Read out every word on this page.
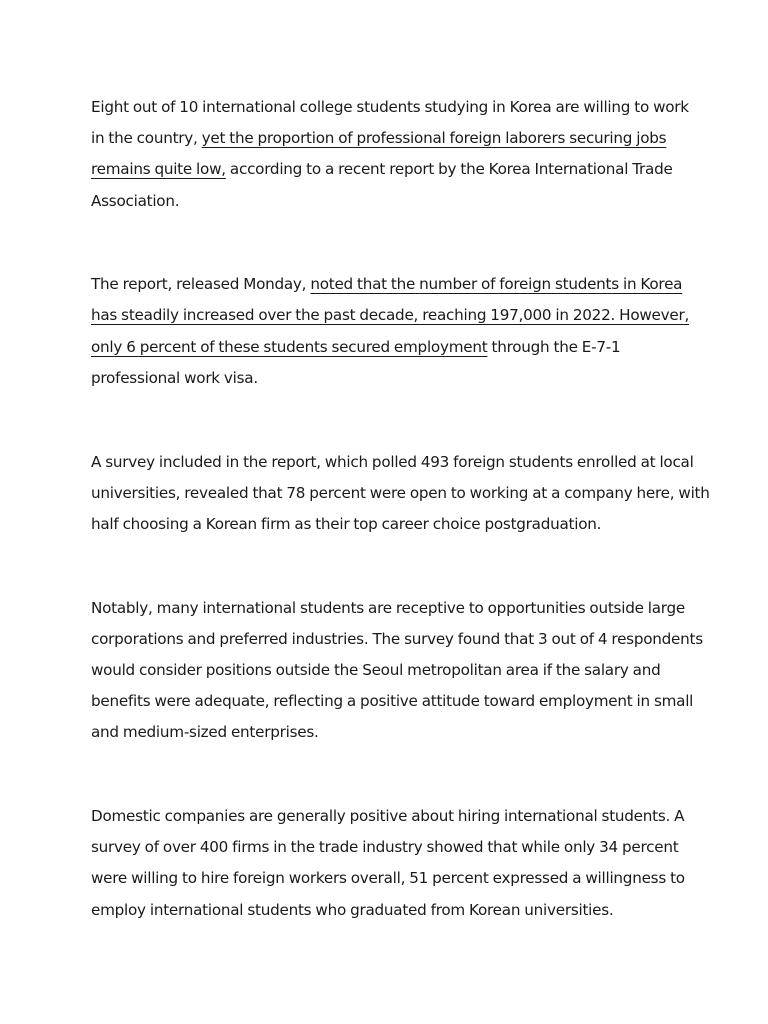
Eight out of 10 international college students studying in Korea are willing to work
in the country, yet the proportion of professional foreign laborers securing jobs
remains quite low, according to a recent report by the Korea International Trade
Association.
The report, released Monday, noted that the number of foreign students in Korea
has steadily increased over the past decade, reaching 197,000 in 2022. However,
only 6 percent of these students secured employment through the E-7-1
professional work visa.
A survey included in the report, which polled 493 foreign students enrolled at local
universities, revealed that 78 percent were open to working at a company here, with
half choosing a Korean firm as their top career choice postgraduation.
Notably, many international students are receptive to opportunities outside large
corporations and preferred industries. The survey found that 3 out of 4 respondents
would consider positions outside the Seoul metropolitan area if the salary and
benefits were adequate, reflecting a positive attitude toward employment in small
and medium-sized enterprises.
Domestic companies are generally positive about hiring international students. A
survey of over 400 firms in the trade industry showed that while only 34 percent
were willing to hire foreign workers overall, 51 percent expressed a willingness to
employ international students who graduated from Korean universities.
